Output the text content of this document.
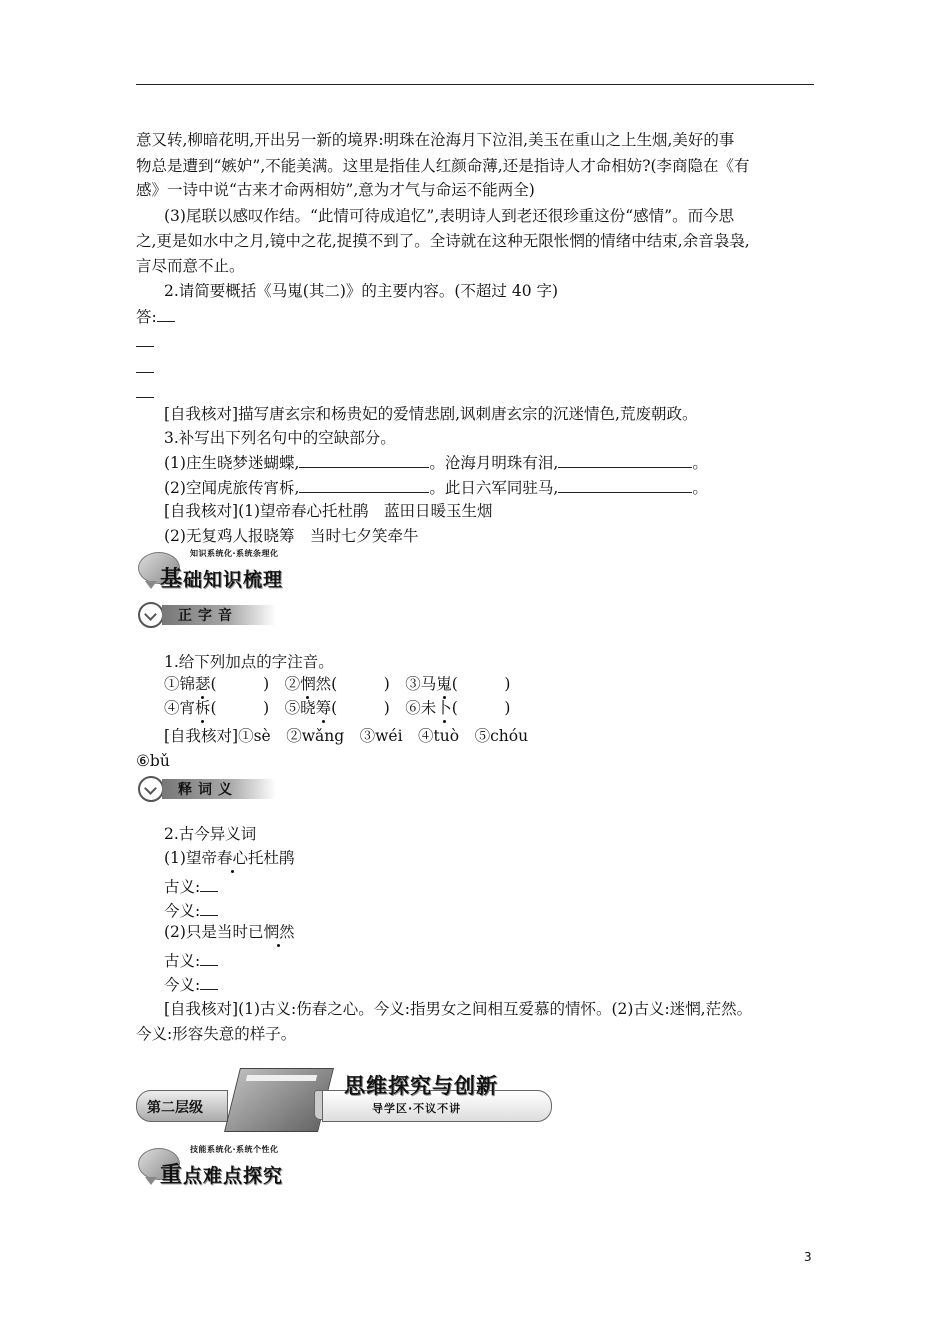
意又转,柳暗花明,开出另一新的境界:明珠在沧海月下泣泪,美玉在重山之上生烟,美好的事
物总是遭到“嫉妒”,不能美满。这里是指佳人红颜命薄,还是指诗人才命相妨?(李商隐在《有
感》一诗中说“古来才命两相妨”,意为才气与命运不能两全)
(3)尾联以感叹作结。“此情可待成追忆”,表明诗人到老还很珍重这份“感情”。而今思
之,更是如水中之月,镜中之花,捉摸不到了。全诗就在这种无限怅惘的情绪中结束,余音袅袅,
言尽而意不止。
2.请简要概括《马嵬(其二)》的主要内容。(不超过 40 字)
答:
[自我核对]描写唐玄宗和杨贵妃的爱情悲剧,讽刺唐玄宗的沉迷情色,荒废朝政。
3.补写出下列名句中的空缺部分。
(1)庄生晓梦迷蝴蝶,	。沧海月明珠有泪,	。
(2)空闻虎旅传宵柝,	。此日六军同驻马,	。
[自我核对](1)望帝春心托杜鹃　蓝田日暖玉生烟
(2)无复鸡人报晓筹　当时七夕笑牵牛
知识系统化·系统条理化
基础知识梳理
正字音
1.给下列加点的字注音。
①锦瑟(　　　)　②惘然(　　　)　③马嵬(　　　)
④宵柝(　　　)　⑤晓筹(　　　)　⑥未卜(　　　)
[自我核对]①sè　②wǎng　③wéi　④tuò　⑤chóu
⑥bǔ
释词义
2.古今异义词
(1)望帝春心托杜鹃
古义:
今义:
(2)只是当时已惘然
古义:
今义:
[自我核对](1)古义:伤春之心。今义:指男女之间相互爱慕的情怀。(2)古义:迷惘,茫然。
今义:形容失意的样子。
第二层级
思维探究与创新
导学区·不议不讲
技能系统化·系统个性化
重点难点探究
3
